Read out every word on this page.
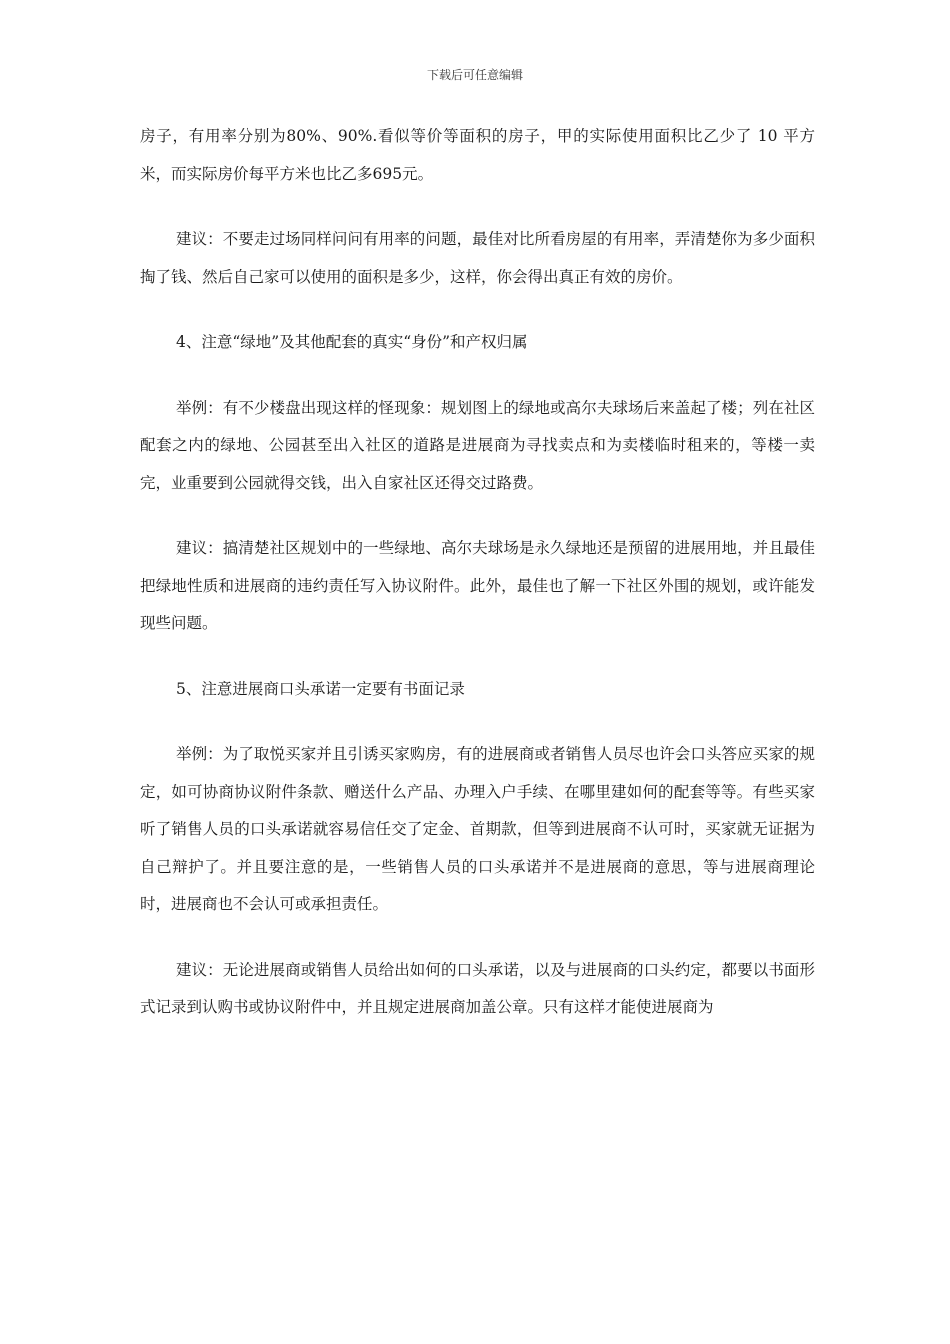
下载后可任意编辑

房子，有用率分别为80%、90%.看似等价等面积的房子，甲的实际使用面积比乙少了 10 平方米，而实际房价每平方米也比乙多695元。

建议：不要走过场同样问问有用率的问题，最佳对比所看房屋的有用率，弄清楚你为多少面积掏了钱、然后自己家可以使用的面积是多少，这样，你会得出真正有效的房价。

4、注意“绿地”及其他配套的真实“身份”和产权归属

举例：有不少楼盘出现这样的怪现象：规划图上的绿地或高尔夫球场后来盖起了楼；列在社区配套之内的绿地、公园甚至出入社区的道路是进展商为寻找卖点和为卖楼临时租来的，等楼一卖完，业重要到公园就得交钱，出入自家社区还得交过路费。

建议：搞清楚社区规划中的一些绿地、高尔夫球场是永久绿地还是预留的进展用地，并且最佳把绿地性质和进展商的违约责任写入协议附件。此外，最佳也了解一下社区外围的规划，或许能发现些问题。

5、注意进展商口头承诺一定要有书面记录

举例：为了取悦买家并且引诱买家购房，有的进展商或者销售人员尽也许会口头答应买家的规定，如可协商协议附件条款、赠送什么产品、办理入户手续、在哪里建如何的配套等等。有些买家听了销售人员的口头承诺就容易信任交了定金、首期款，但等到进展商不认可时，买家就无证据为自己辩护了。并且要注意的是，一些销售人员的口头承诺并不是进展商的意思，等与进展商理论时，进展商也不会认可或承担责任。

建议：无论进展商或销售人员给出如何的口头承诺，以及与进展商的口头约定，都要以书面形式记录到认购书或协议附件中，并且规定进展商加盖公章。只有这样才能使进展商为
